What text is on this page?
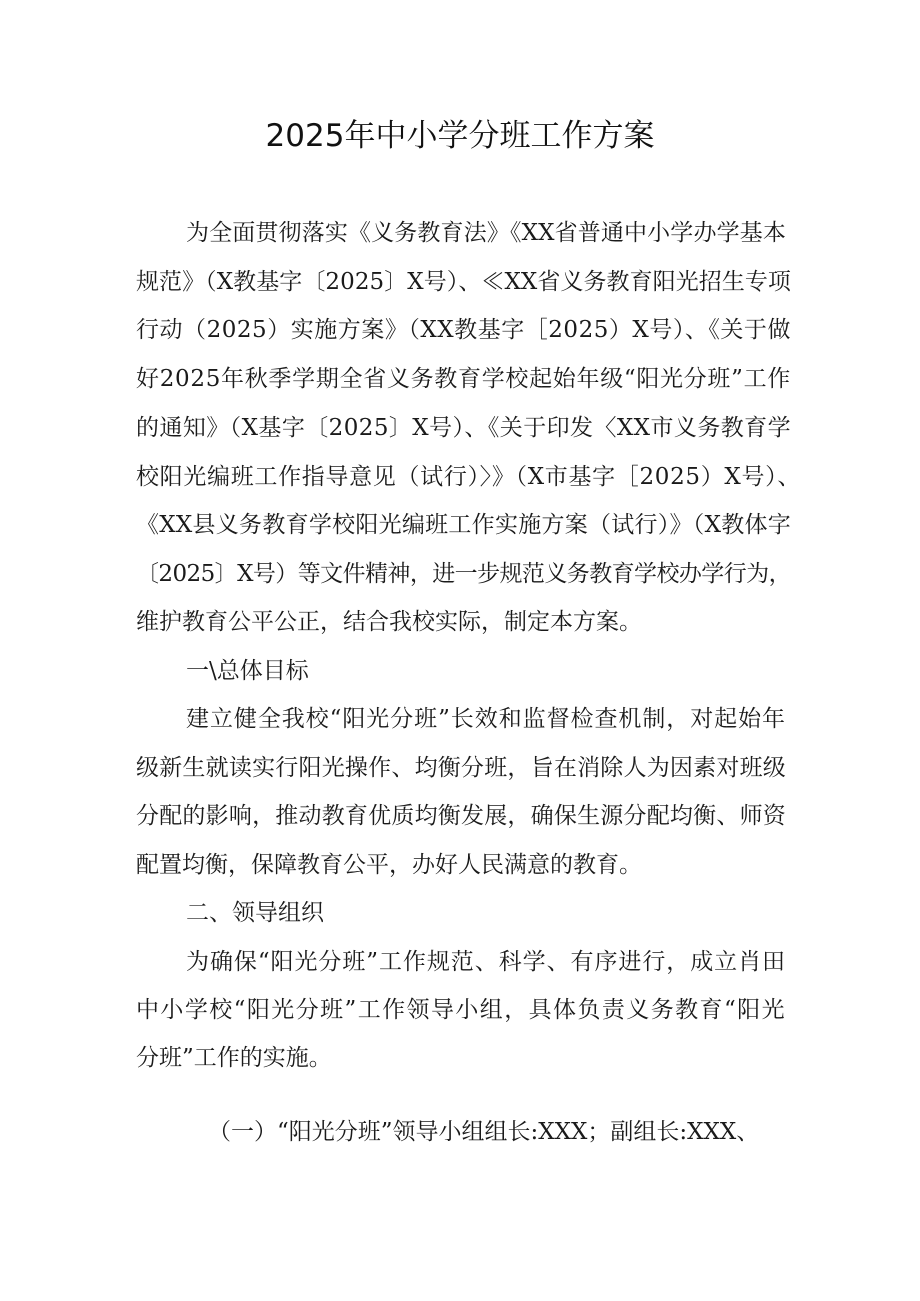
2025年中小学分班工作方案
为全面贯彻落实《义务教育法》《XX省普通中小学办学基本
规范》（X教基字〔2025〕X号）、≪XX省义务教育阳光招生专项
行动（2025）实施方案》（XX教基字［2025）X号）、《关于做
好2025年秋季学期全省义务教育学校起始年级“阳光分班”工作
的通知》（X基字〔2025〕X号）、《关于印发〈XX市义务教育学
校阳光编班工作指导意见（试行）〉》（X市基字［2025）X号）、
《XX县义务教育学校阳光编班工作实施方案（试行）》（X教体字
〔2025〕X号）等文件精神，进一步规范义务教育学校办学行为，
维护教育公平公正，结合我校实际，制定本方案。
一\总体目标
建立健全我校“阳光分班”长效和监督检查机制，对起始年
级新生就读实行阳光操作、均衡分班，旨在消除人为因素对班级
分配的影响，推动教育优质均衡发展，确保生源分配均衡、师资
配置均衡，保障教育公平，办好人民满意的教育。
二、领导组织
为确保“阳光分班”工作规范、科学、有序进行，成立肖田
中小学校“阳光分班”工作领导小组，具体负责义务教育“阳光
分班”工作的实施。
（一）“阳光分班”领导小组组长:XXX；副组长:XXX、
